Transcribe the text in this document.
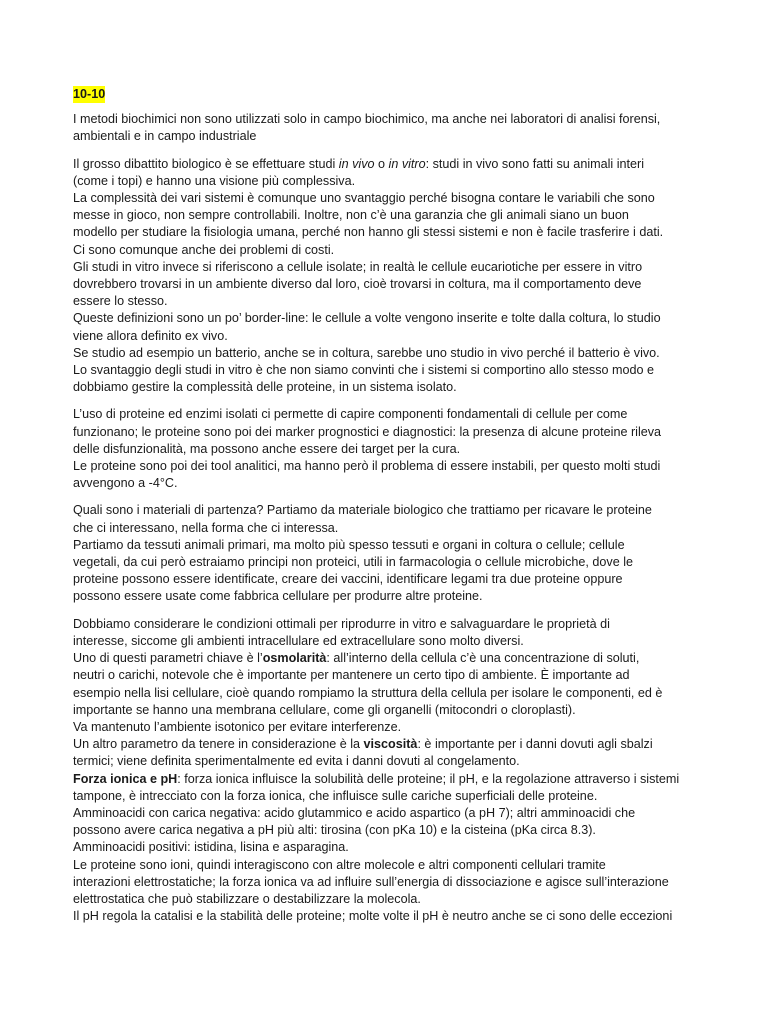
10-10
I metodi biochimici non sono utilizzati solo in campo biochimico, ma anche nei laboratori di analisi forensi,
ambientali e in campo industriale
Il grosso dibattito biologico è se effettuare studi in vivo o in vitro: studi in vivo sono fatti su animali interi
(come i topi) e hanno una visione più complessiva.
La complessità dei vari sistemi è comunque uno svantaggio perché bisogna contare le variabili che sono
messe in gioco, non sempre controllabili. Inoltre, non c’è una garanzia che gli animali siano un buon
modello per studiare la fisiologia umana, perché non hanno gli stessi sistemi e non è facile trasferire i dati.
Ci sono comunque anche dei problemi di costi.
Gli studi in vitro invece si riferiscono a cellule isolate; in realtà le cellule eucariotiche per essere in vitro
dovrebbero trovarsi in un ambiente diverso dal loro, cioè trovarsi in coltura, ma il comportamento deve
essere lo stesso.
Queste definizioni sono un po’ border-line: le cellule a volte vengono inserite e tolte dalla coltura, lo studio
viene allora definito ex vivo.
Se studio ad esempio un batterio, anche se in coltura, sarebbe uno studio in vivo perché il batterio è vivo.
Lo svantaggio degli studi in vitro è che non siamo convinti che i sistemi si comportino allo stesso modo e
dobbiamo gestire la complessità delle proteine, in un sistema isolato.
L’uso di proteine ed enzimi isolati ci permette di capire componenti fondamentali di cellule per come
funzionano; le proteine sono poi dei marker prognostici e diagnostici: la presenza di alcune proteine rileva
delle disfunzionalità, ma possono anche essere dei target per la cura.
Le proteine sono poi dei tool analitici, ma hanno però il problema di essere instabili, per questo molti studi
avvengono a -4°C.
Quali sono i materiali di partenza? Partiamo da materiale biologico che trattiamo per ricavare le proteine
che ci interessano, nella forma che ci interessa.
Partiamo da tessuti animali primari, ma molto più spesso tessuti e organi in coltura o cellule; cellule
vegetali, da cui però estraiamo principi non proteici, utili in farmacologia o cellule microbiche, dove le
proteine possono essere identificate, creare dei vaccini, identificare legami tra due proteine oppure
possono essere usate come fabbrica cellulare per produrre altre proteine.
Dobbiamo considerare le condizioni ottimali per riprodurre in vitro e salvaguardare le proprietà di
interesse, siccome gli ambienti intracellulare ed extracellulare sono molto diversi.
Uno di questi parametri chiave è l’osmolarità: all’interno della cellula c’è una concentrazione di soluti,
neutri o carichi, notevole che è importante per mantenere un certo tipo di ambiente. È importante ad
esempio nella lisi cellulare, cioè quando rompiamo la struttura della cellula per isolare le componenti, ed è
importante se hanno una membrana cellulare, come gli organelli (mitocondri o cloroplasti).
Va mantenuto l’ambiente isotonico per evitare interferenze.
Un altro parametro da tenere in considerazione è la viscosità: è importante per i danni dovuti agli sbalzi
termici; viene definita sperimentalmente ed evita i danni dovuti al congelamento.
Forza ionica e pH: forza ionica influisce la solubilità delle proteine; il pH, e la regolazione attraverso i sistemi
tampone, è intrecciato con la forza ionica, che influisce sulle cariche superficiali delle proteine.
Amminoacidi con carica negativa: acido glutammico e acido aspartico (a pH 7); altri amminoacidi che
possono avere carica negativa a pH più alti: tirosina (con pKa 10) e la cisteina (pKa circa 8.3).
Amminoacidi positivi: istidina, lisina e asparagina.
Le proteine sono ioni, quindi interagiscono con altre molecole e altri componenti cellulari tramite
interazioni elettrostatiche; la forza ionica va ad influire sull’energia di dissociazione e agisce sull’interazione
elettrostatica che può stabilizzare o destabilizzare la molecola.
Il pH regola la catalisi e la stabilità delle proteine; molte volte il pH è neutro anche se ci sono delle eccezioni
